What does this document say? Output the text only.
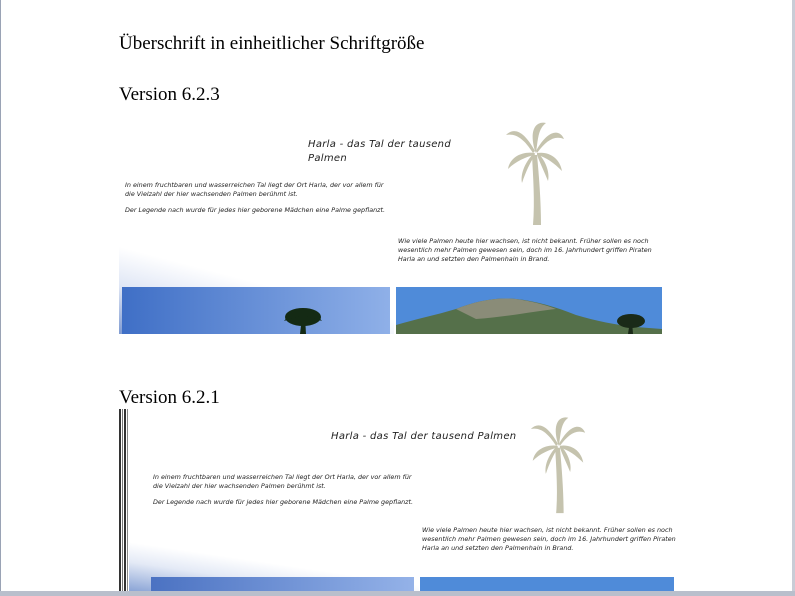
Überschrift in einheitlicher Schriftgröße
Version 6.2.3
Harla - das Tal der tausend
Palmen
In einem fruchtbaren und wasserreichen Tal liegt der Ort Harla, der vor allem für die Vielzahl der hier wachsenden Palmen berühmt ist.
Der Legende nach wurde für jedes hier geborene Mädchen eine Palme gepflanzt.
Wie viele Palmen heute hier wachsen, ist nicht bekannt. Früher sollen es noch wesentlich mehr Palmen gewesen sein, doch im 16. Jahrhundert griffen Piraten Harla an und setzten den Palmenhain in Brand.
Version 6.2.1
Harla - das Tal der tausend Palmen
In einem fruchtbaren und wasserreichen Tal liegt der Ort Harla, der vor allem für die Vielzahl der hier wachsenden Palmen berühmt ist.
Der Legende nach wurde für jedes hier geborene Mädchen eine Palme gepflanzt.
Wie viele Palmen heute hier wachsen, ist nicht bekannt. Früher sollen es noch wesentlich mehr Palmen gewesen sein, doch im 16. Jahrhundert griffen Piraten Harla an und setzten den Palmenhain in Brand.
